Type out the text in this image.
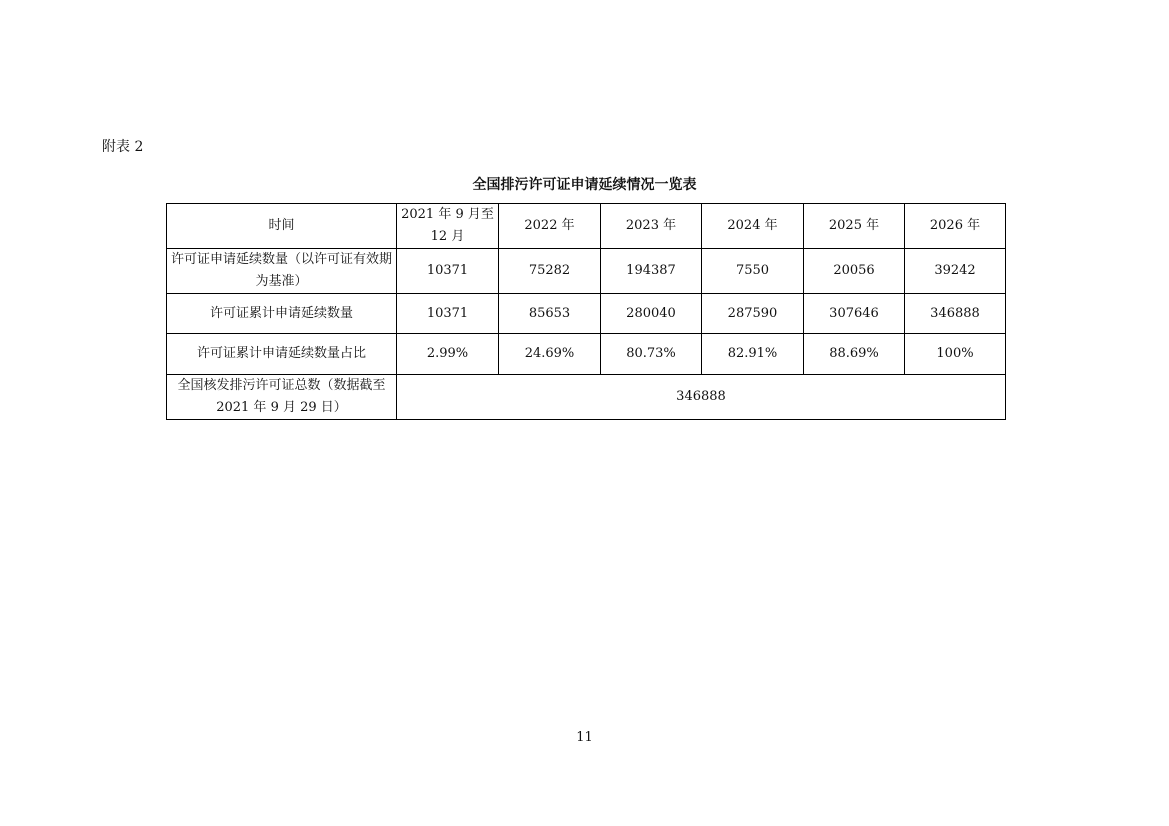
附表 2
全国排污许可证申请延续情况一览表
时间	2021 年 9 月至 12 月	2022 年	2023 年	2024 年	2025 年	2026 年
许可证申请延续数量（以许可证有效期为基准）	10371	75282	194387	7550	20056	39242
许可证累计申请延续数量	10371	85653	280040	287590	307646	346888
许可证累计申请延续数量占比	2.99%	24.69%	80.73%	82.91%	88.69%	100%
全国核发排污许可证总数（数据截至 2021 年 9 月 29 日）	346888					
11
